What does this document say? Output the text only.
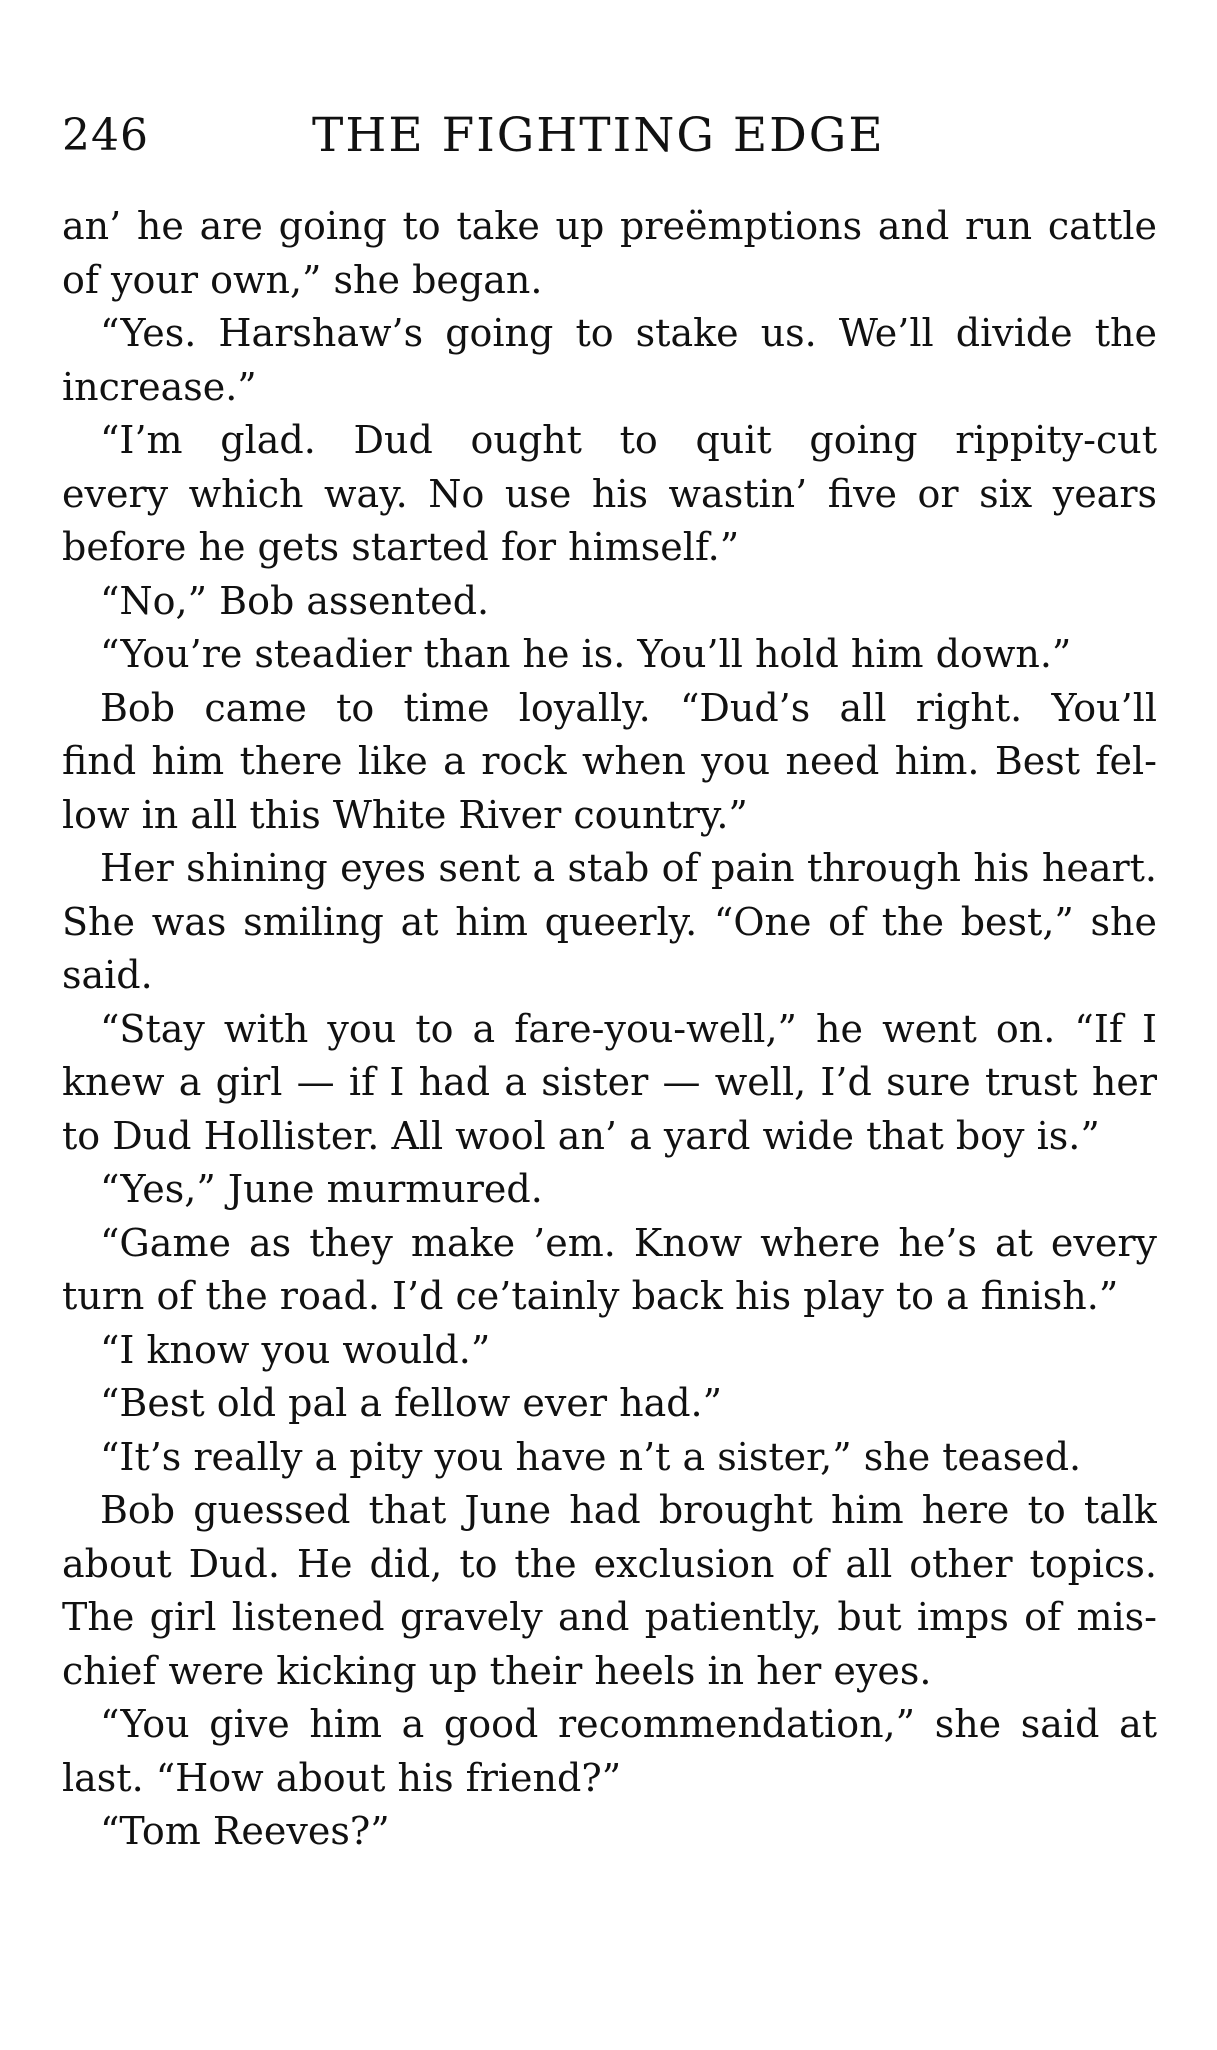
246	THE FIGHTING EDGE
an’ he are going to take up preëmptions and run cattle
of your own,” she began.
“Yes. Harshaw’s going to stake us. We’ll divide the
increase.”
“I’m glad. Dud ought to quit going rippity-cut
every which way. No use his wastin’ five or six years
before he gets started for himself.”
“No,” Bob assented.
“You’re steadier than he is. You’ll hold him down.”
Bob came to time loyally. “Dud’s all right. You’ll
find him there like a rock when you need him. Best fel-
low in all this White River country.”
Her shining eyes sent a stab of pain through his heart.
She was smiling at him queerly. “One of the best,” she
said.
“Stay with you to a fare-you-well,” he went on. “If I
knew a girl — if I had a sister — well, I’d sure trust her
to Dud Hollister. All wool an’ a yard wide that boy is.”
“Yes,” June murmured.
“Game as they make ’em. Know where he’s at every
turn of the road. I’d ce’tainly back his play to a finish.”
“I know you would.”
“Best old pal a fellow ever had.”
“It’s really a pity you have n’t a sister,” she teased.
Bob guessed that June had brought him here to talk
about Dud. He did, to the exclusion of all other topics.
The girl listened gravely and patiently, but imps of mis-
chief were kicking up their heels in her eyes.
“You give him a good recommendation,” she said at
last. “How about his friend?”
“Tom Reeves?”
